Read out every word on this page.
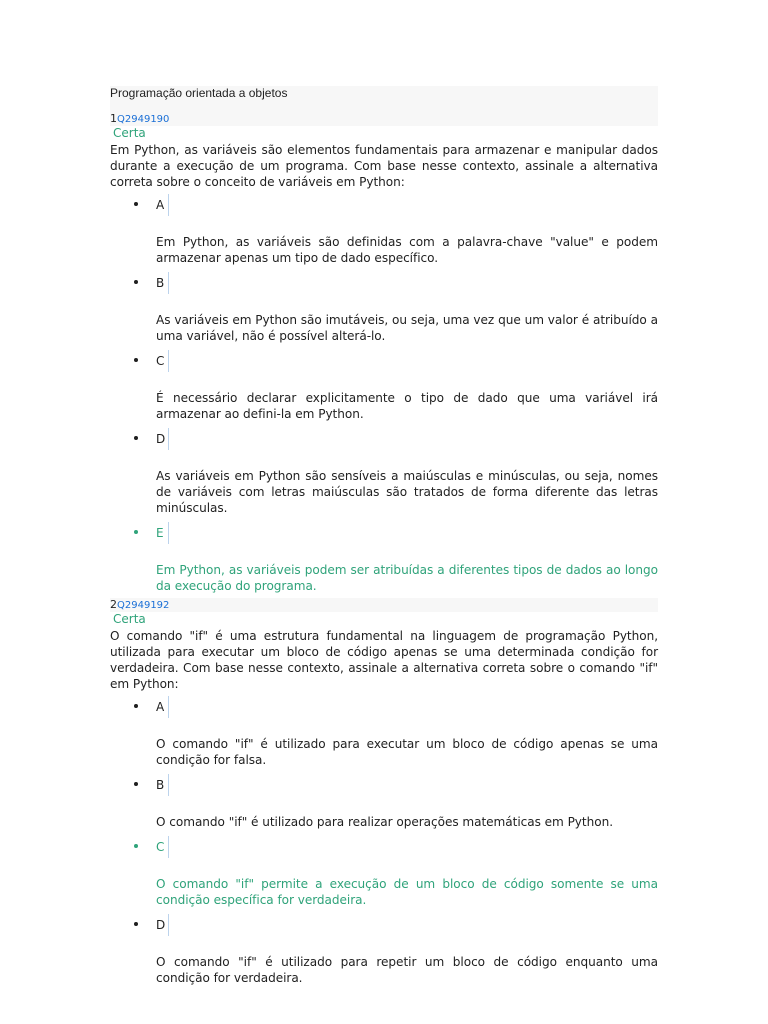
Programação orientada a objetos
1Q2949190
Certa
Em Python, as variáveis são elementos fundamentais para armazenar e manipular dados durante a execução de um programa. Com base nesse contexto, assinale a alternativa correta sobre o conceito de variáveis em Python:
A
Em Python, as variáveis são definidas com a palavra-chave "value" e podem armazenar apenas um tipo de dado específico.
B
As variáveis em Python são imutáveis, ou seja, uma vez que um valor é atribuído a uma variável, não é possível alterá-lo.
C
É necessário declarar explicitamente o tipo de dado que uma variável irá armazenar ao defini-la em Python.
D
As variáveis em Python são sensíveis a maiúsculas e minúsculas, ou seja, nomes de variáveis com letras maiúsculas são tratados de forma diferente das letras minúsculas.
E
Em Python, as variáveis podem ser atribuídas a diferentes tipos de dados ao longo da execução do programa.
2Q2949192
Certa
O comando "if" é uma estrutura fundamental na linguagem de programação Python, utilizada para executar um bloco de código apenas se uma determinada condição for verdadeira. Com base nesse contexto, assinale a alternativa correta sobre o comando "if" em Python:
A
O comando "if" é utilizado para executar um bloco de código apenas se uma condição for falsa.
B
O comando "if" é utilizado para realizar operações matemáticas em Python.
C
O comando "if" permite a execução de um bloco de código somente se uma condição específica for verdadeira.
D
O comando "if" é utilizado para repetir um bloco de código enquanto uma condição for verdadeira.
